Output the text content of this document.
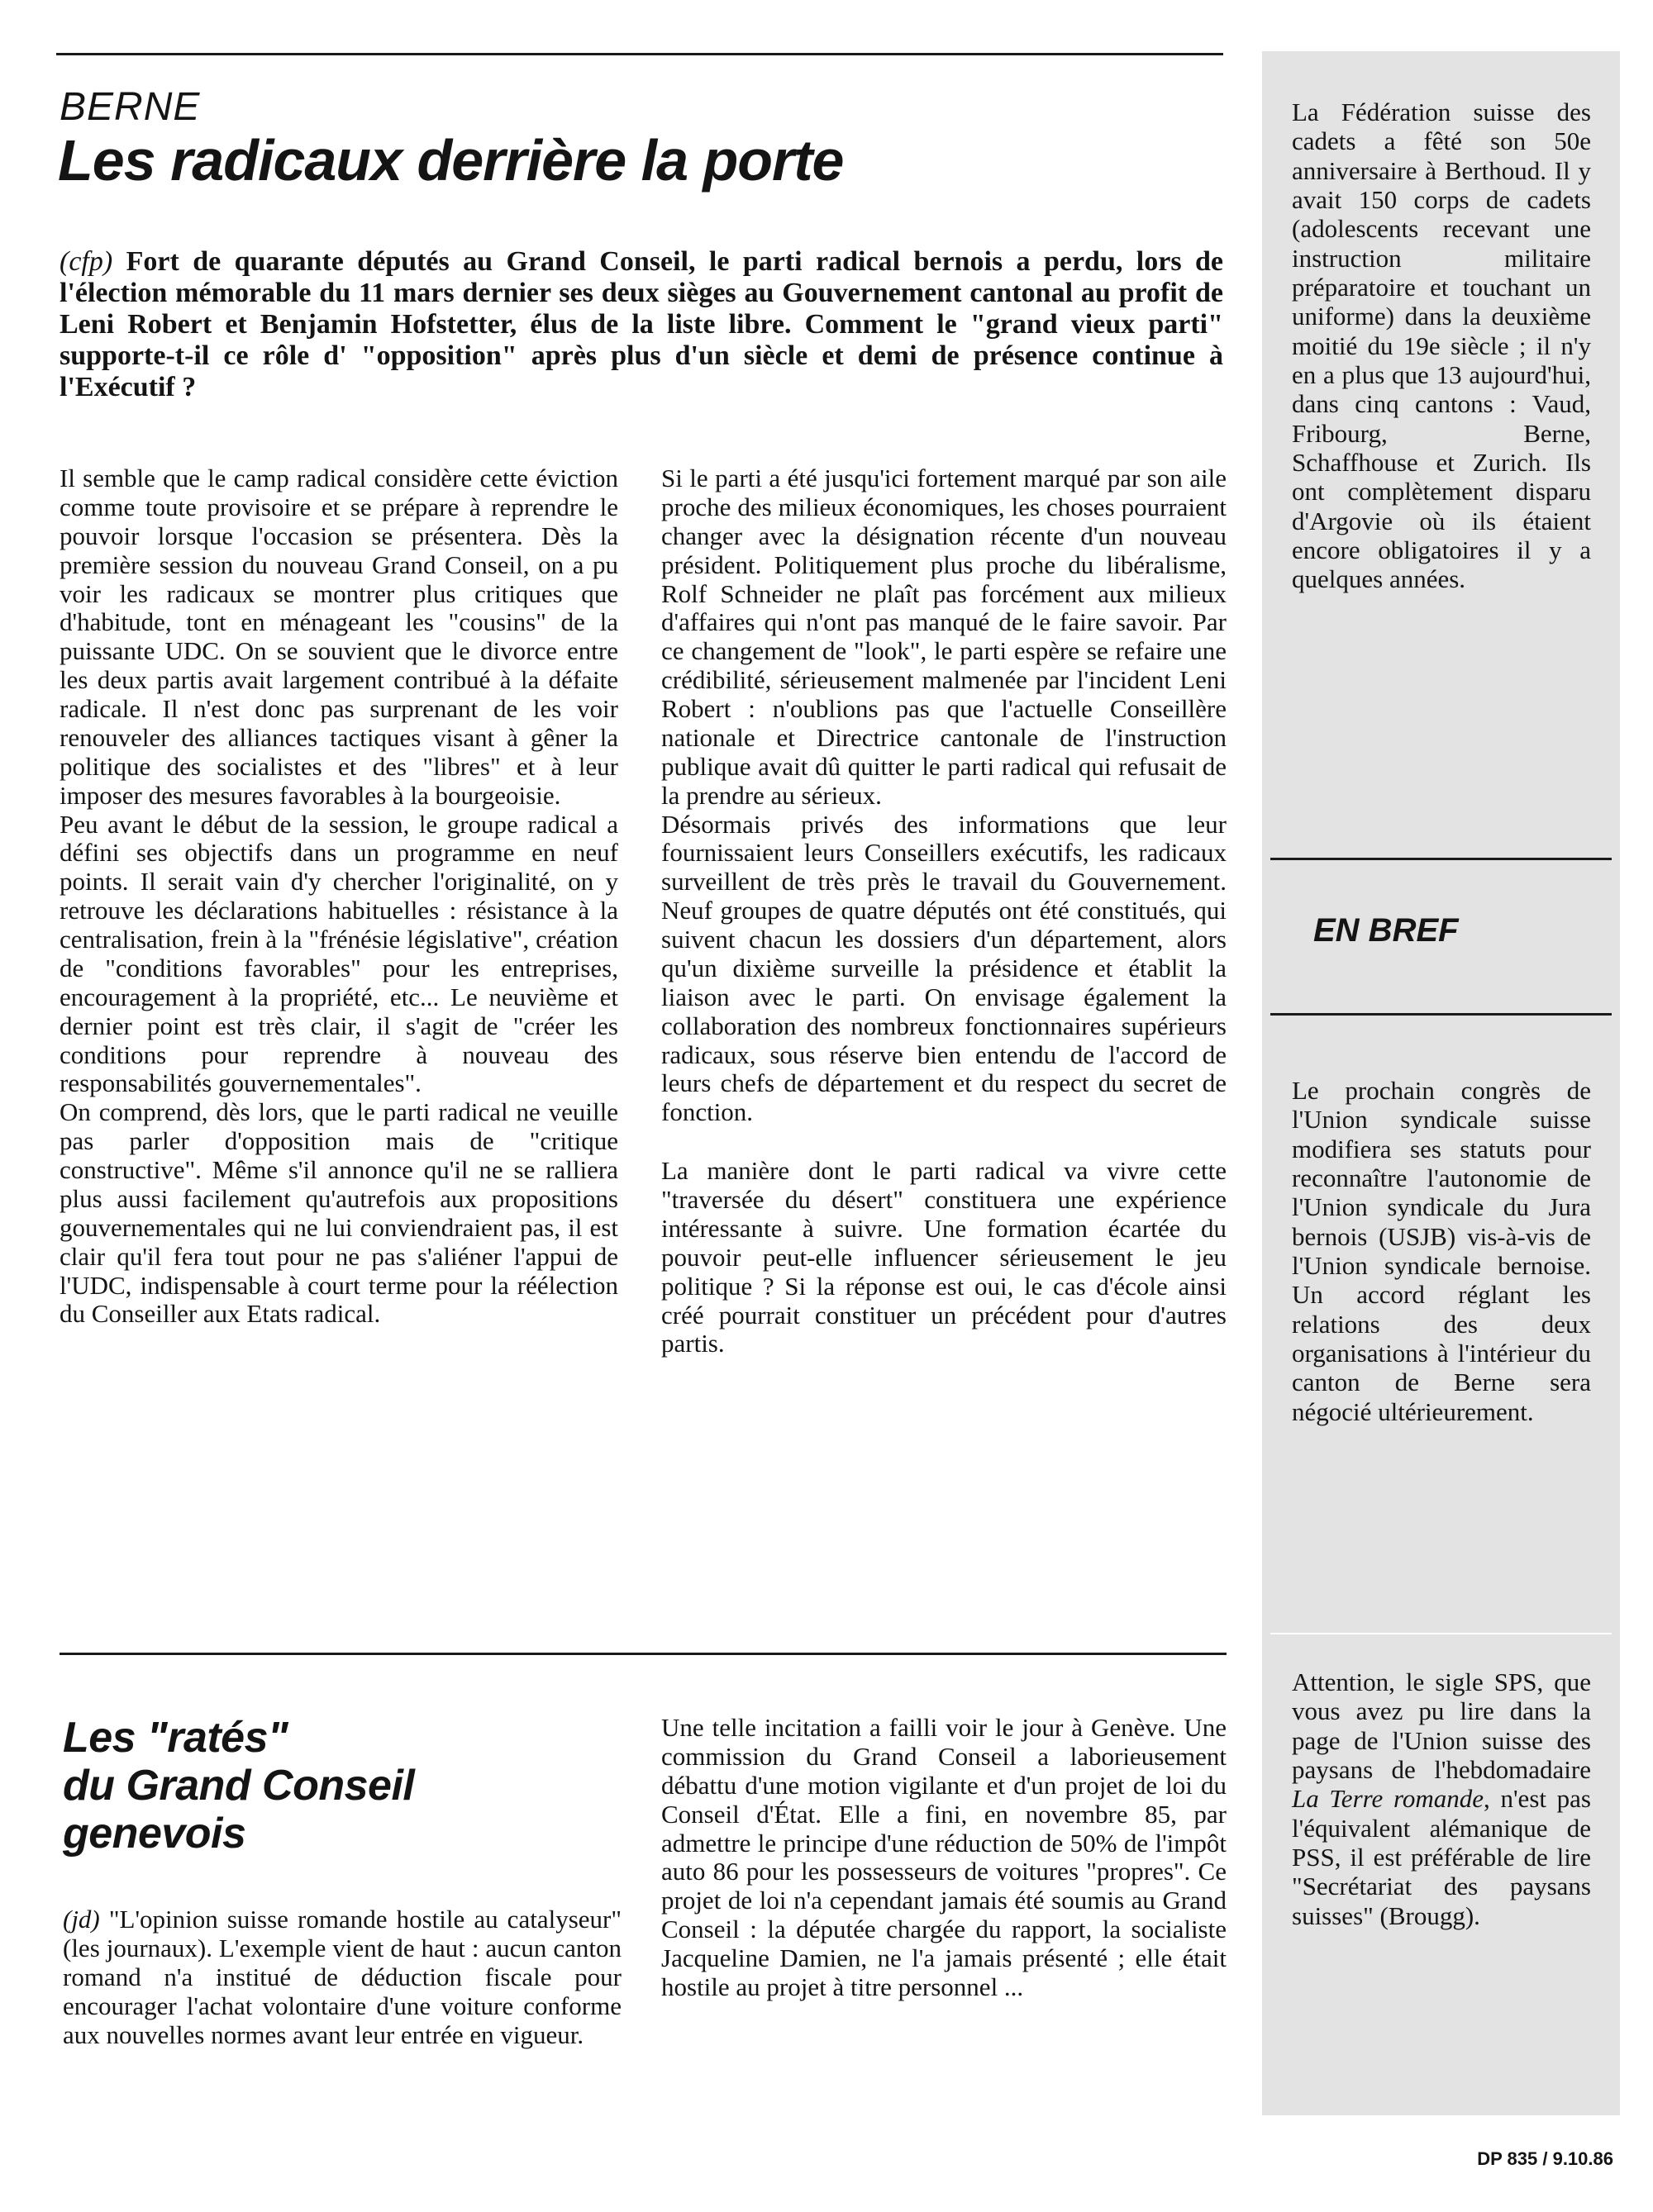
BERNE
Les radicaux derrière la porte
(cfp) Fort de quarante députés au Grand Conseil, le parti radical bernois a perdu, lors de l'élection mémorable du 11 mars dernier ses deux sièges au Gouvernement cantonal au profit de Leni Robert et Benjamin Hofstetter, élus de la liste libre. Comment le "grand vieux parti" supporte-t-il ce rôle d' "opposition" après plus d'un siècle et demi de présence continue à l'Exécutif ?

Il semble que le camp radical considère cette éviction comme toute provisoire et se prépare à reprendre le pouvoir lorsque l'occasion se présentera. Dès la première session du nouveau Grand Conseil, on a pu voir les radicaux se montrer plus critiques que d'habitude, tont en ménageant les "cousins" de la puissante UDC. On se souvient que le divorce entre les deux partis avait largement contribué à la défaite radicale. Il n'est donc pas surprenant de les voir renouveler des alliances tactiques visant à gêner la politique des socialistes et des "libres" et à leur imposer des mesures favorables à la bourgeoisie.

Peu avant le début de la session, le groupe radical a défini ses objectifs dans un programme en neuf points. Il serait vain d'y chercher l'originalité, on y retrouve les déclarations habituelles : résistance à la centralisation, frein à la "frénésie législative", création de "conditions favorables" pour les entreprises, encouragement à la propriété, etc... Le neuvième et dernier point est très clair, il s'agit de "créer les conditions pour reprendre à nouveau des responsabilités gouvernementales".

On comprend, dès lors, que le parti radical ne veuille pas parler d'opposition mais de "critique constructive". Même s'il annonce qu'il ne se ralliera plus aussi facilement qu'autrefois aux propositions gouvernementales qui ne lui conviendraient pas, il est clair qu'il fera tout pour ne pas s'aliéner l'appui de l'UDC, indispensable à court terme pour la réélection du Conseiller aux Etats radical.

Si le parti a été jusqu'ici fortement marqué par son aile proche des milieux économiques, les choses pourraient changer avec la désignation récente d'un nouveau président. Politiquement plus proche du libéralisme, Rolf Schneider ne plaît pas forcément aux milieux d'affaires qui n'ont pas manqué de le faire savoir. Par ce changement de "look", le parti espère se refaire une crédibilité, sérieusement malmenée par l'incident Leni Robert : n'oublions pas que l'actuelle Conseillère nationale et Directrice cantonale de l'instruction publique avait dû quitter le parti radical qui refusait de la prendre au sérieux.

Désormais privés des informations que leur fournissaient leurs Conseillers exécutifs, les radicaux surveillent de très près le travail du Gouvernement. Neuf groupes de quatre députés ont été constitués, qui suivent chacun les dossiers d'un département, alors qu'un dixième surveille la présidence et établit la liaison avec le parti. On envisage également la collaboration des nombreux fonctionnaires supérieurs radicaux, sous réserve bien entendu de l'accord de leurs chefs de département et du respect du secret de fonction.

La manière dont le parti radical va vivre cette "traversée du désert" constituera une expérience intéressante à suivre. Une formation écartée du pouvoir peut-elle influencer sérieusement le jeu politique ? Si la réponse est oui, le cas d'école ainsi créé pourrait constituer un précédent pour d'autres partis.

Les "ratés"
du Grand Conseil
genevois

(jd) "L'opinion suisse romande hostile au catalyseur" (les journaux). L'exemple vient de haut : aucun canton romand n'a institué de déduction fiscale pour encourager l'achat volontaire d'une voiture conforme aux nouvelles normes avant leur entrée en vigueur.

Une telle incitation a failli voir le jour à Genève. Une commission du Grand Conseil a laborieusement débattu d'une motion vigilante et d'un projet de loi du Conseil d'État. Elle a fini, en novembre 85, par admettre le principe d'une réduction de 50% de l'impôt auto 86 pour les possesseurs de voitures "propres". Ce projet de loi n'a cependant jamais été soumis au Grand Conseil : la députée chargée du rapport, la socialiste Jacqueline Damien, ne l'a jamais présenté ; elle était hostile au projet à titre personnel ...

La Fédération suisse des cadets a fêté son 50e anniversaire à Berthoud. Il y avait 150 corps de cadets (adolescents recevant une instruction militaire préparatoire et touchant un uniforme) dans la deuxième moitié du 19e siècle ; il n'y en a plus que 13 aujourd'hui, dans cinq cantons : Vaud, Fribourg, Berne, Schaffhouse et Zurich. Ils ont complètement disparu d'Argovie où ils étaient encore obligatoires il y a quelques années.
EN BREF
Le prochain congrès de l'Union syndicale suisse modifiera ses statuts pour reconnaître l'autonomie de l'Union syndicale du Jura bernois (USJB) vis-à-vis de l'Union syndicale bernoise. Un accord réglant les relations des deux organisations à l'intérieur du canton de Berne sera négocié ultérieurement.
Attention, le sigle SPS, que vous avez pu lire dans la page de l'Union suisse des paysans de l'hebdomadaire La Terre romande, n'est pas l'équivalent alémanique de PSS, il est préférable de lire "Secrétariat des paysans suisses" (Brougg).
DP 835 / 9.10.86
